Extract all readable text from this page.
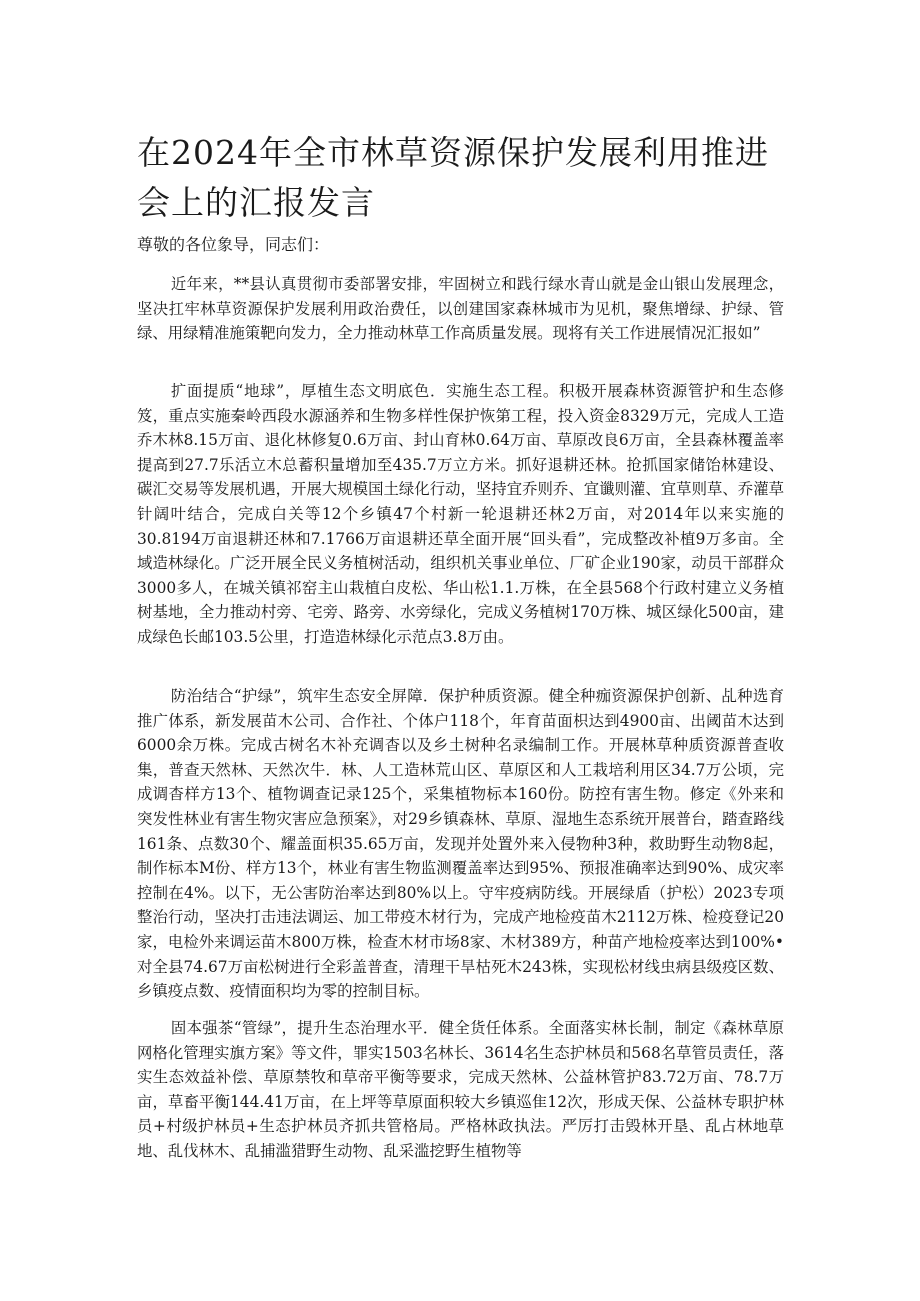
在2024年全市林草资源保护发展利用推进会上的汇报发言

尊敬的各位象导，同志们：

近年来，**县认真贯彻市委部署安排，牢固树立和践行绿水青山就是金山银山发展理念，坚决扛牢林草资源保护发展利用政治费任，以创建国家森林城市为见机，聚焦增绿、护绿、管绿、用绿精准施策靶向发力，全力推动林草工作高质量发展。现将有关工作进展情况汇报如”

扩面提质“地球”，厚植生态文明底色．实施生态工程。积极开展森林资源管护和生态修笈，重点实施秦岭西段水源涵养和生物多样性保护恢第工程，投入资金8329万元，完成人工造乔木林8.15万亩、退化林修复0.6万亩、封山育林0.64万亩、草原改良6万亩，全县森林覆盖率提高到27.7乐活立木总蓄积量增加至435.7万立方米。抓好退耕还林。抢抓国家储饴林建设、碳汇交易等发展机遇，开展大规模国土绿化行动，坚持宜乔则乔、宜谶则灌、宜草则草、乔灌草针阔叶结合，完成白关等12个乡镇47个村新一轮退耕还林2万亩，对2014年以来实施的30.8194万亩退耕还林和7.1766万亩退耕还草全面开展“回头看”，完成整改补植9万多亩。全域造林绿化。广泛开展全民义务植树活动，组织机关事业单位、厂矿企业190家，动员干部群众3000多人，在城关镇祁窑主山栽植白皮松、华山松1.1.万株，在全县568个行政村建立义务植树基地，全力推动村旁、宅旁、路旁、水旁绿化，完成义务植树170万株、城区绿化500亩，建成绿色长邮103.5公里，打造造林绿化示范点3.8万由。

防治结合“护绿”，筑牢生态安全屏障．保护种质资源。健全种痂资源保护创新、乩种选育推广体系，新发展苗木公司、合作社、个体户118个，年育苗面枳达到4900亩、出阈苗木达到6000余万株。完成古树名木补充调杳以及乡土树种名录编制工作。开展林草种质资源普查收集，普查天然林、天然次牛．林、人工造林荒山区、草原区和人工栽培利用区34.7万公顷，完成调杳样方13个、植物调查记录125个，采集植物标本160份。防控有害生物。修定《外来和突发性林业有害生物灾害应急预案》，对29乡镇森林、草原、湿地生态系统开展普台，踏查路线161条、点数30个、耀盖面枳35.65万亩，发现并处置外来入侵物种3种，救助野生动物8起，制作标本M份、样方13个，林业有害生物监测覆盖率达到95%、预报准确率达到90%、成灾率控制在4%。以下，无公害防治率达到80%以上。守牢疫病防线。开展绿盾（护松）2023专项整治行动，坚决打击违法调运、加工带疫木材行为，完成产地检疫苗木2112万株、检疫登记20家，电检外来调运苗木800万株，检查木材市场8家、木材389方，种苗产地检疫率达到100%•对全县74.67万亩松树进行全彩盖普查，清理干旱枯死木243株，实现松材线虫病县级疫区数、乡镇疫点数、疫情面积均为零的控制目标。

固本强茶“管绿”，提升生态治理水平．健全货任体系。全面落实林长制，制定《森林草原网格化管理实旗方案》等文件，罪实1503名林长、3614名生态护林员和568名草管员责任，落实生态效益补偿、草原禁牧和草帝平衡等要求，完成天然林、公益林管护83.72万亩、78.7万亩，草畜平衡144.41万亩，在上坪等草原面积较大乡镇巡隹12次，形成天保、公益林专职护林员+村级护林员+生态护林员齐抓共管格局。严格林政执法。严厉打击毁林开垦、乱占林地草地、乱伐林木、乱捕滥猎野生动物、乱采滥挖野生植物等
